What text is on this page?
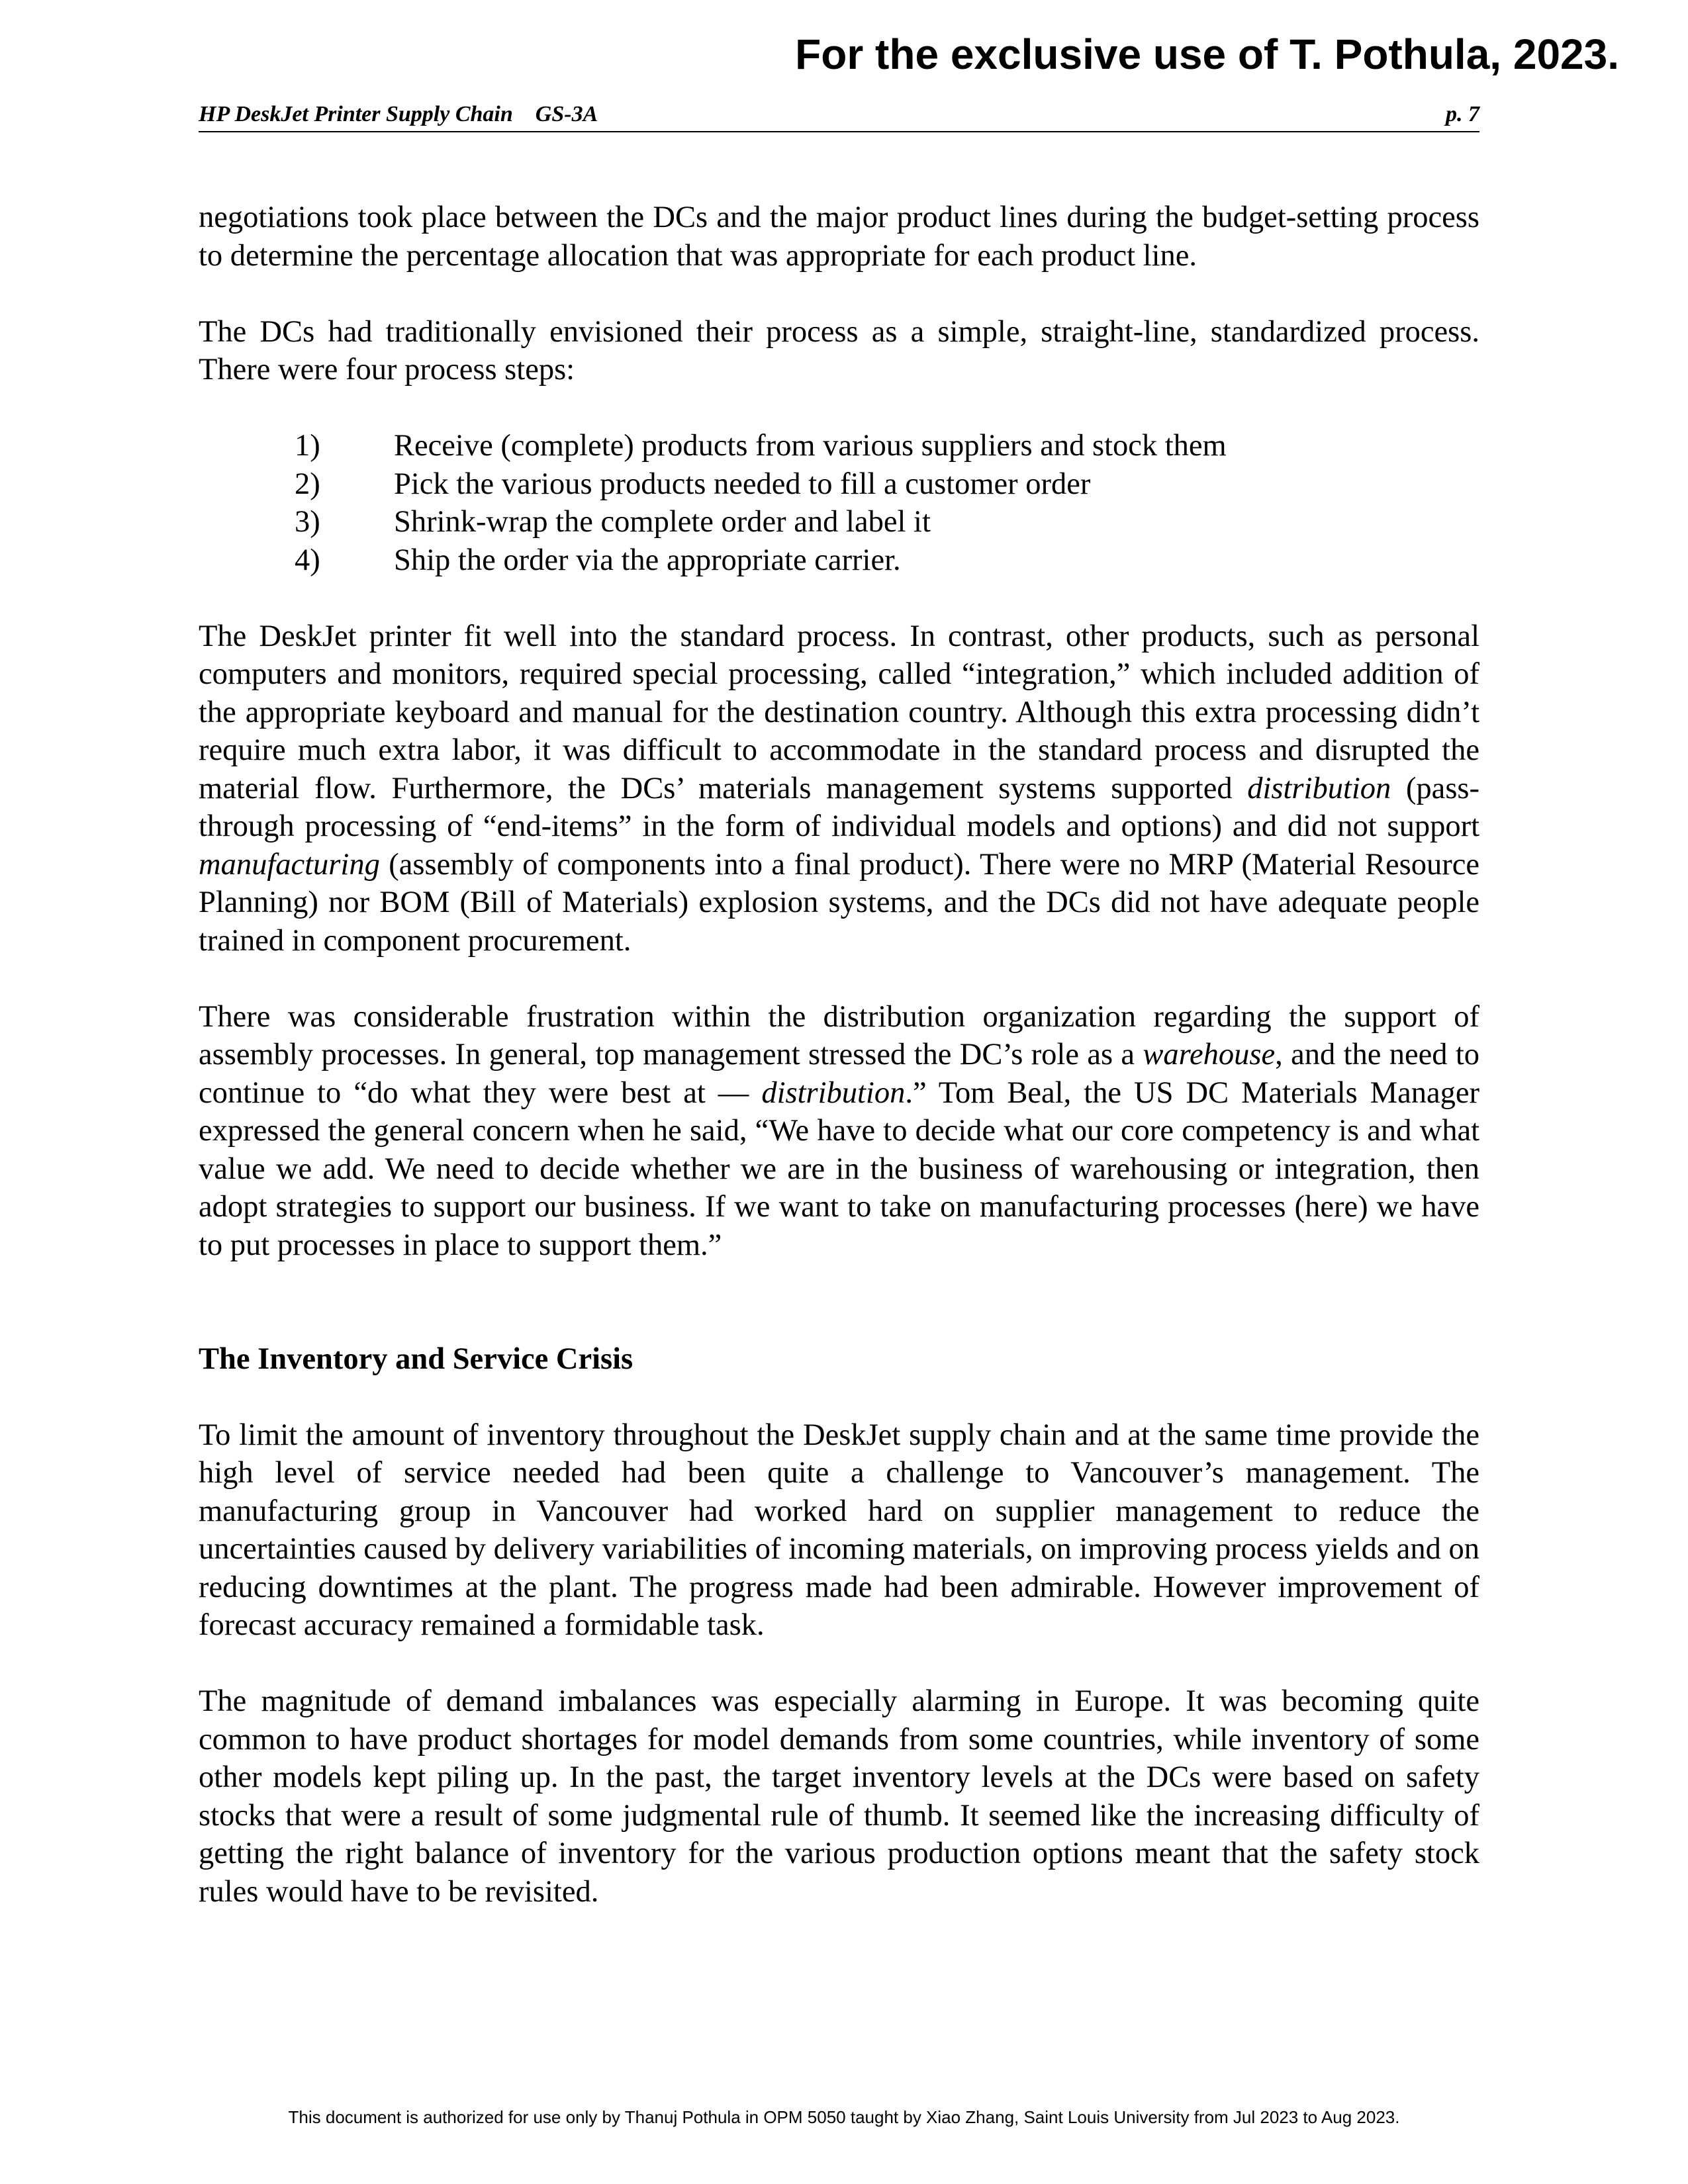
For the exclusive use of T. Pothula, 2023.
HP DeskJet Printer Supply Chain    GS-3A	p. 7

negotiations took place between the DCs and the major product lines during the budget-setting process to determine the percentage allocation that was appropriate for each product line.

The DCs had traditionally envisioned their process as a simple, straight-line, standardized process. There were four process steps:

1)	Receive (complete) products from various suppliers and stock them
2)	Pick the various products needed to fill a customer order
3)	Shrink-wrap the complete order and label it
4)	Ship the order via the appropriate carrier.

The DeskJet printer fit well into the standard process. In contrast, other products, such as personal computers and monitors, required special processing, called “integration,” which included addition of the appropriate keyboard and manual for the destination country. Although this extra processing didn’t require much extra labor, it was difficult to accommodate in the standard process and disrupted the material flow. Furthermore, the DCs’ materials management systems supported distribution (pass-through processing of “end-items” in the form of individual models and options) and did not support manufacturing (assembly of components into a final product). There were no MRP (Material Resource Planning) nor BOM (Bill of Materials) explosion systems, and the DCs did not have adequate people trained in component procurement.

There was considerable frustration within the distribution organization regarding the support of assembly processes. In general, top management stressed the DC’s role as a warehouse, and the need to continue to “do what they were best at — distribution.” Tom Beal, the US DC Materials Manager expressed the general concern when he said, “We have to decide what our core competency is and what value we add. We need to decide whether we are in the business of warehousing or integration, then adopt strategies to support our business. If we want to take on manufacturing processes (here) we have to put processes in place to support them.”

The Inventory and Service Crisis

To limit the amount of inventory throughout the DeskJet supply chain and at the same time provide the high level of service needed had been quite a challenge to Vancouver’s management. The manufacturing group in Vancouver had worked hard on supplier management to reduce the uncertainties caused by delivery variabilities of incoming materials, on improving process yields and on reducing downtimes at the plant. The progress made had been admirable. However improvement of forecast accuracy remained a formidable task.

The magnitude of demand imbalances was especially alarming in Europe. It was becoming quite common to have product shortages for model demands from some countries, while inventory of some other models kept piling up. In the past, the target inventory levels at the DCs were based on safety stocks that were a result of some judgmental rule of thumb. It seemed like the increasing difficulty of getting the right balance of inventory for the various production options meant that the safety stock rules would have to be revisited.

This document is authorized for use only by Thanuj Pothula in OPM 5050 taught by Xiao Zhang, Saint Louis University from Jul 2023 to Aug 2023.
